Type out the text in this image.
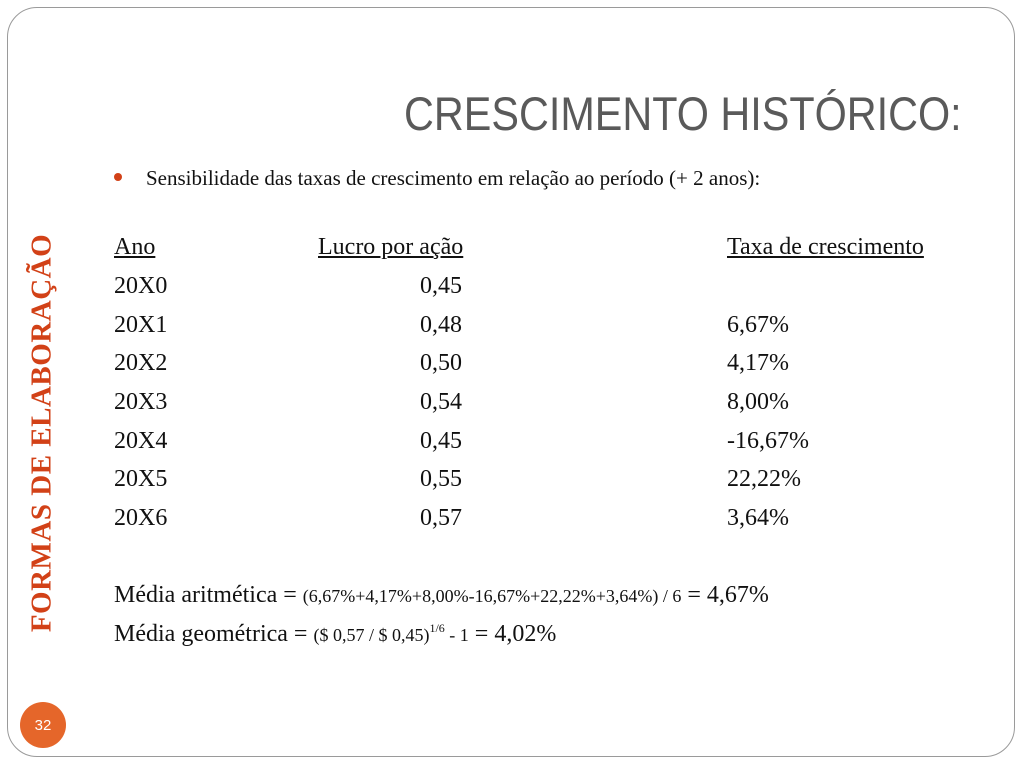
FORMAS DE ELABORAÇÃO
32
CRESCIMENTO HISTÓRICO:
Sensibilidade das taxas de crescimento em relação ao período (+ 2 anos):
Ano	Lucro por ação	Taxa de crescimento
20X0	0,45
20X1	0,48	6,67%
20X2	0,50	4,17%
20X3	0,54	8,00%
20X4	0,45	-16,67%
20X5	0,55	22,22%
20X6	0,57	3,64%
Média aritmética = (6,67%+4,17%+8,00%-16,67%+22,22%+3,64%) / 6 = 4,67%
Média geométrica = ($ 0,57 / $ 0,45)$^{1/6}$ - 1 = 4,02%
